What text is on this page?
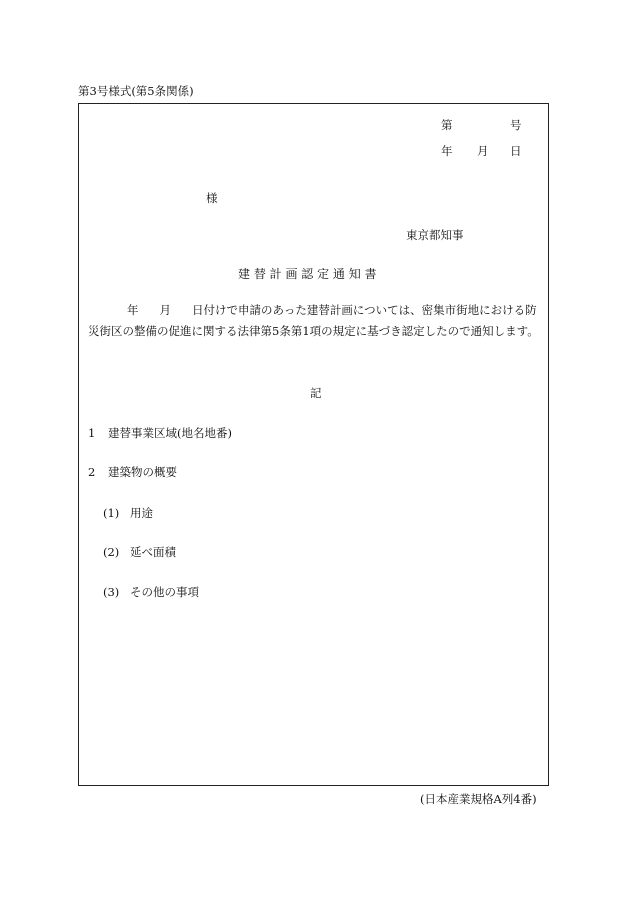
第3号様式(第5条関係)
第	号
年 月 日
様
東京都知事
建 替 計 画 認 定 通 知 書
年 月 日付けで申請のあった建替計画については、密集市街地における防災街区の整備の促進に関する法律第5条第1項の規定に基づき認定したので通知します。
記
1 建替事業区域(地名地番)
2 建築物の概要
(1) 用途
(2) 延べ面積
(3) その他の事項
(日本産業規格A列4番)
